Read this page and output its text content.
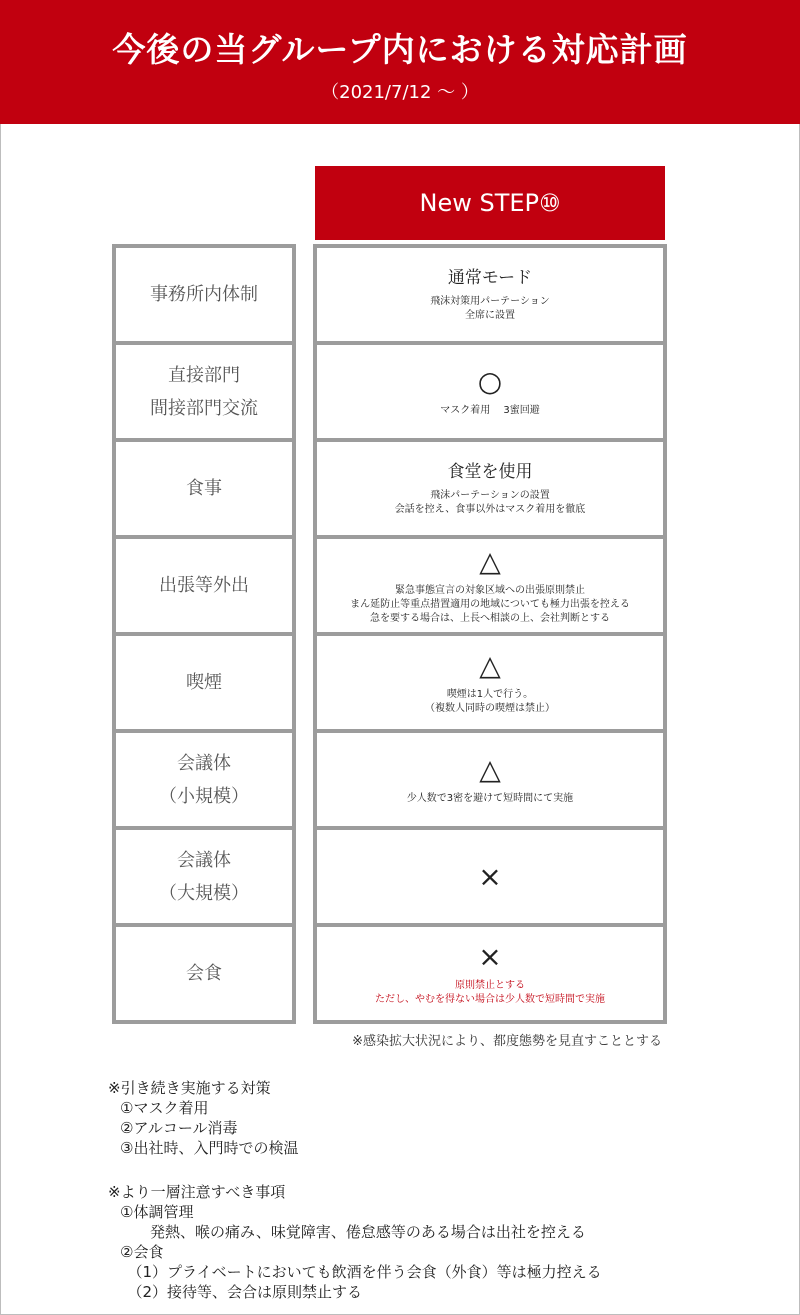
今後の当グループ内における対応計画
（2021/7/12 ～ ）
New STEP⑩
事務所内体制
通常モード
飛沫対策用パーテーション
全席に設置
直接部門
間接部門交流
○
マスク着用　 3蜜回避
食事
食堂を使用
飛沫パーテーションの設置
会話を控え、食事以外はマスク着用を徹底
出張等外出
△
緊急事態宣言の対象区域への出張原則禁止
まん延防止等重点措置適用の地域についても極力出張を控える
急を要する場合は、上長へ相談の上、会社判断とする
喫煙
△
喫煙は1人で行う。
（複数人同時の喫煙は禁止）
会議体
（小規模）
△
少人数で3密を避けて短時間にて実施
会議体
（大規模）
×
会食
×
原則禁止とする
ただし、やむを得ない場合は少人数で短時間で実施
※感染拡大状況により、都度態勢を見直すこととする
※引き続き実施する対策
①マスク着用
②アルコール消毒
③出社時、入門時での検温
※より一層注意すべき事項
①体調管理
　　発熱、喉の痛み、味覚障害、倦怠感等のある場合は出社を控える
②会食
　（1）プライベートにおいても飲酒を伴う会食（外食）等は極力控える
　（2）接待等、会合は原則禁止する
